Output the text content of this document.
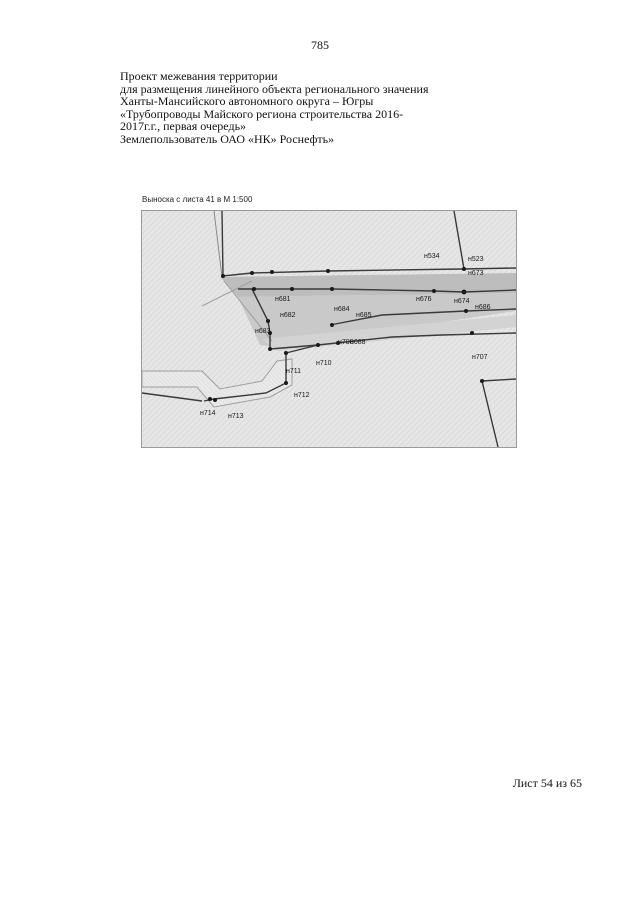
785
Проект межевания территории
для размещения линейного объекта регионального значения
Ханты-Мансийского автономного округа – Югры
«Трубопроводы Майского региона строительства 2016-
2017г.г., первая очередь»
Землепользователь ОАО «НК» Роснефть»
Выноска с листа 41 в М 1:500
н534	н523
н673
н681	н676	н674
н686
н682
н684
н685
н683
н700
н688
н707
н711
н710
н712
н714 н713
Лист 54 из 65
